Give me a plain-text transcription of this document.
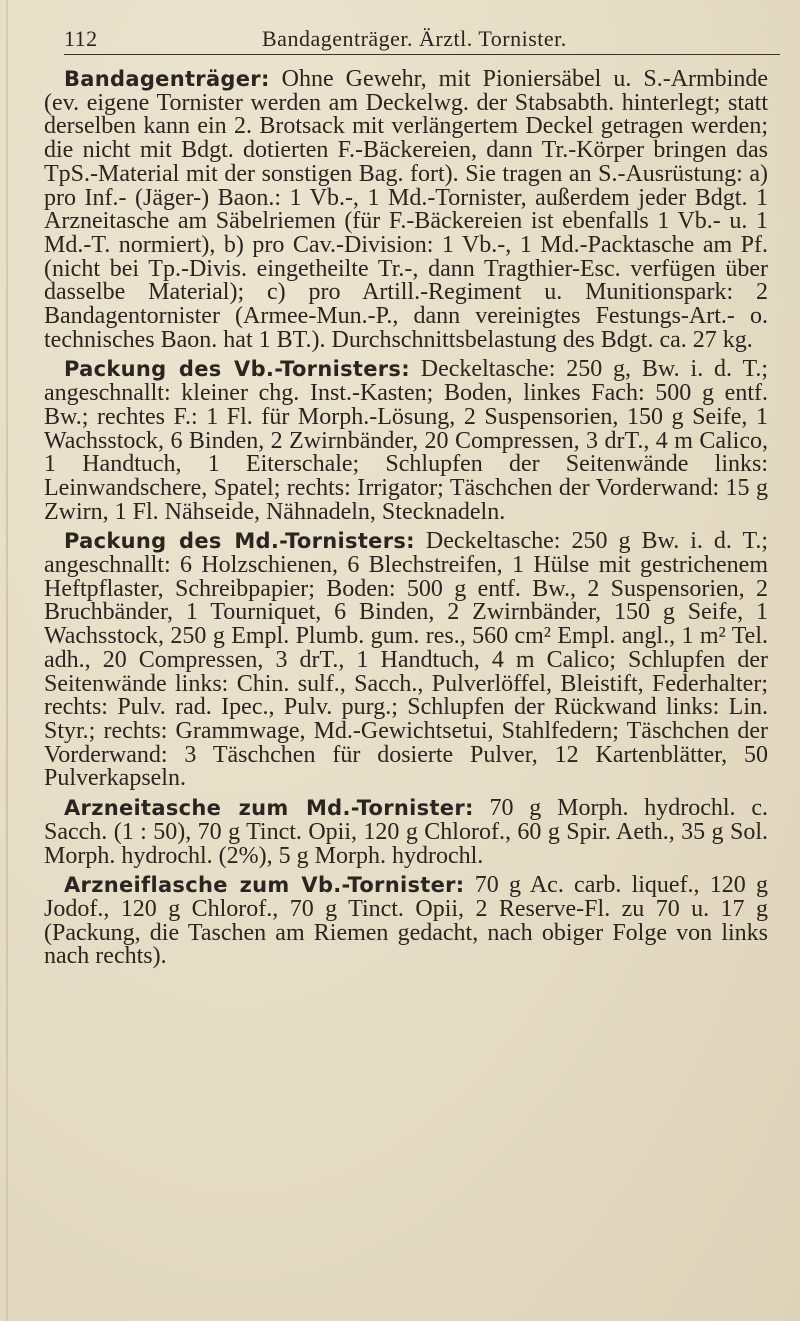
112	Bandagenträger. Ärztl. Tornister.

Bandagenträger: Ohne Gewehr, mit Pioniersäbel u. S.-Armbinde (ev. eigene Tornister werden am Deckelwg. der Stabsabth. hinterlegt; statt derselben kann ein 2. Brotsack mit verlängertem Deckel getragen werden; die nicht mit Bdgt. dotierten F.-Bäckereien, dann Tr.-Körper bringen das TpS.-Material mit der sonstigen Bag. fort). Sie tragen an S.-Ausrüstung: a) pro Inf.- (Jäger-) Baon.: 1 Vb.-, 1 Md.-Tornister, außerdem jeder Bdgt. 1 Arzneitasche am Säbelriemen (für F.-Bäckereien ist ebenfalls 1 Vb.- u. 1 Md.-T. normiert), b) pro Cav.-Division: 1 Vb.-, 1 Md.-Packtasche am Pf. (nicht bei Tp.-Divis. eingetheilte Tr.-, dann Tragthier-Esc. verfügen über dasselbe Material); c) pro Artill.-Regiment u. Munitionspark: 2 Bandagentornister (Armee-Mun.-P., dann vereinigtes Festungs-Art.- o. technisches Baon. hat 1 BT.). Durchschnittsbelastung des Bdgt. ca. 27 kg.

Packung des Vb.-Tornisters: Deckeltasche: 250 g, Bw. i. d. T.; angeschnallt: kleiner chg. Inst.-Kasten; Boden, linkes Fach: 500 g entf. Bw.; rechtes F.: 1 Fl. für Morph.-Lösung, 2 Suspensorien, 150 g Seife, 1 Wachsstock, 6 Binden, 2 Zwirnbänder, 20 Compressen, 3 drT., 4 m Calico, 1 Handtuch, 1 Eiterschale; Schlupfen der Seitenwände links: Leinwandschere, Spatel; rechts: Irrigator; Täschchen der Vorderwand: 15 g Zwirn, 1 Fl. Nähseide, Nähnadeln, Stecknadeln.

Packung des Md.-Tornisters: Deckeltasche: 250 g Bw. i. d. T.; angeschnallt: 6 Holzschienen, 6 Blechstreifen, 1 Hülse mit gestrichenem Heftpflaster, Schreibpapier; Boden: 500 g entf. Bw., 2 Suspensorien, 2 Bruchbänder, 1 Tourniquet, 6 Binden, 2 Zwirnbänder, 150 g Seife, 1 Wachsstock, 250 g Empl. Plumb. gum. res., 560 cm² Empl. angl., 1 m² Tel. adh., 20 Compressen, 3 drT., 1 Handtuch, 4 m Calico; Schlupfen der Seitenwände links: Chin. sulf., Sacch., Pulverlöffel, Bleistift, Federhalter; rechts: Pulv. rad. Ipec., Pulv. purg.; Schlupfen der Rückwand links: Lin. Styr.; rechts: Grammwage, Md.-Gewichtsetui, Stahlfedern; Täschchen der Vorderwand: 3 Täschchen für dosierte Pulver, 12 Kartenblätter, 50 Pulverkapseln.

Arzneitasche zum Md.-Tornister: 70 g Morph. hydrochl. c. Sacch. (1 : 50), 70 g Tinct. Opii, 120 g Chlorof., 60 g Spir. Aeth., 35 g Sol. Morph. hydrochl. (2%), 5 g Morph. hydrochl.

Arzneiflasche zum Vb.-Tornister: 70 g Ac. carb. liquef., 120 g Jodof., 120 g Chlorof., 70 g Tinct. Opii, 2 Reserve-Fl. zu 70 u. 17 g (Packung, die Taschen am Riemen gedacht, nach obiger Folge von links nach rechts).
